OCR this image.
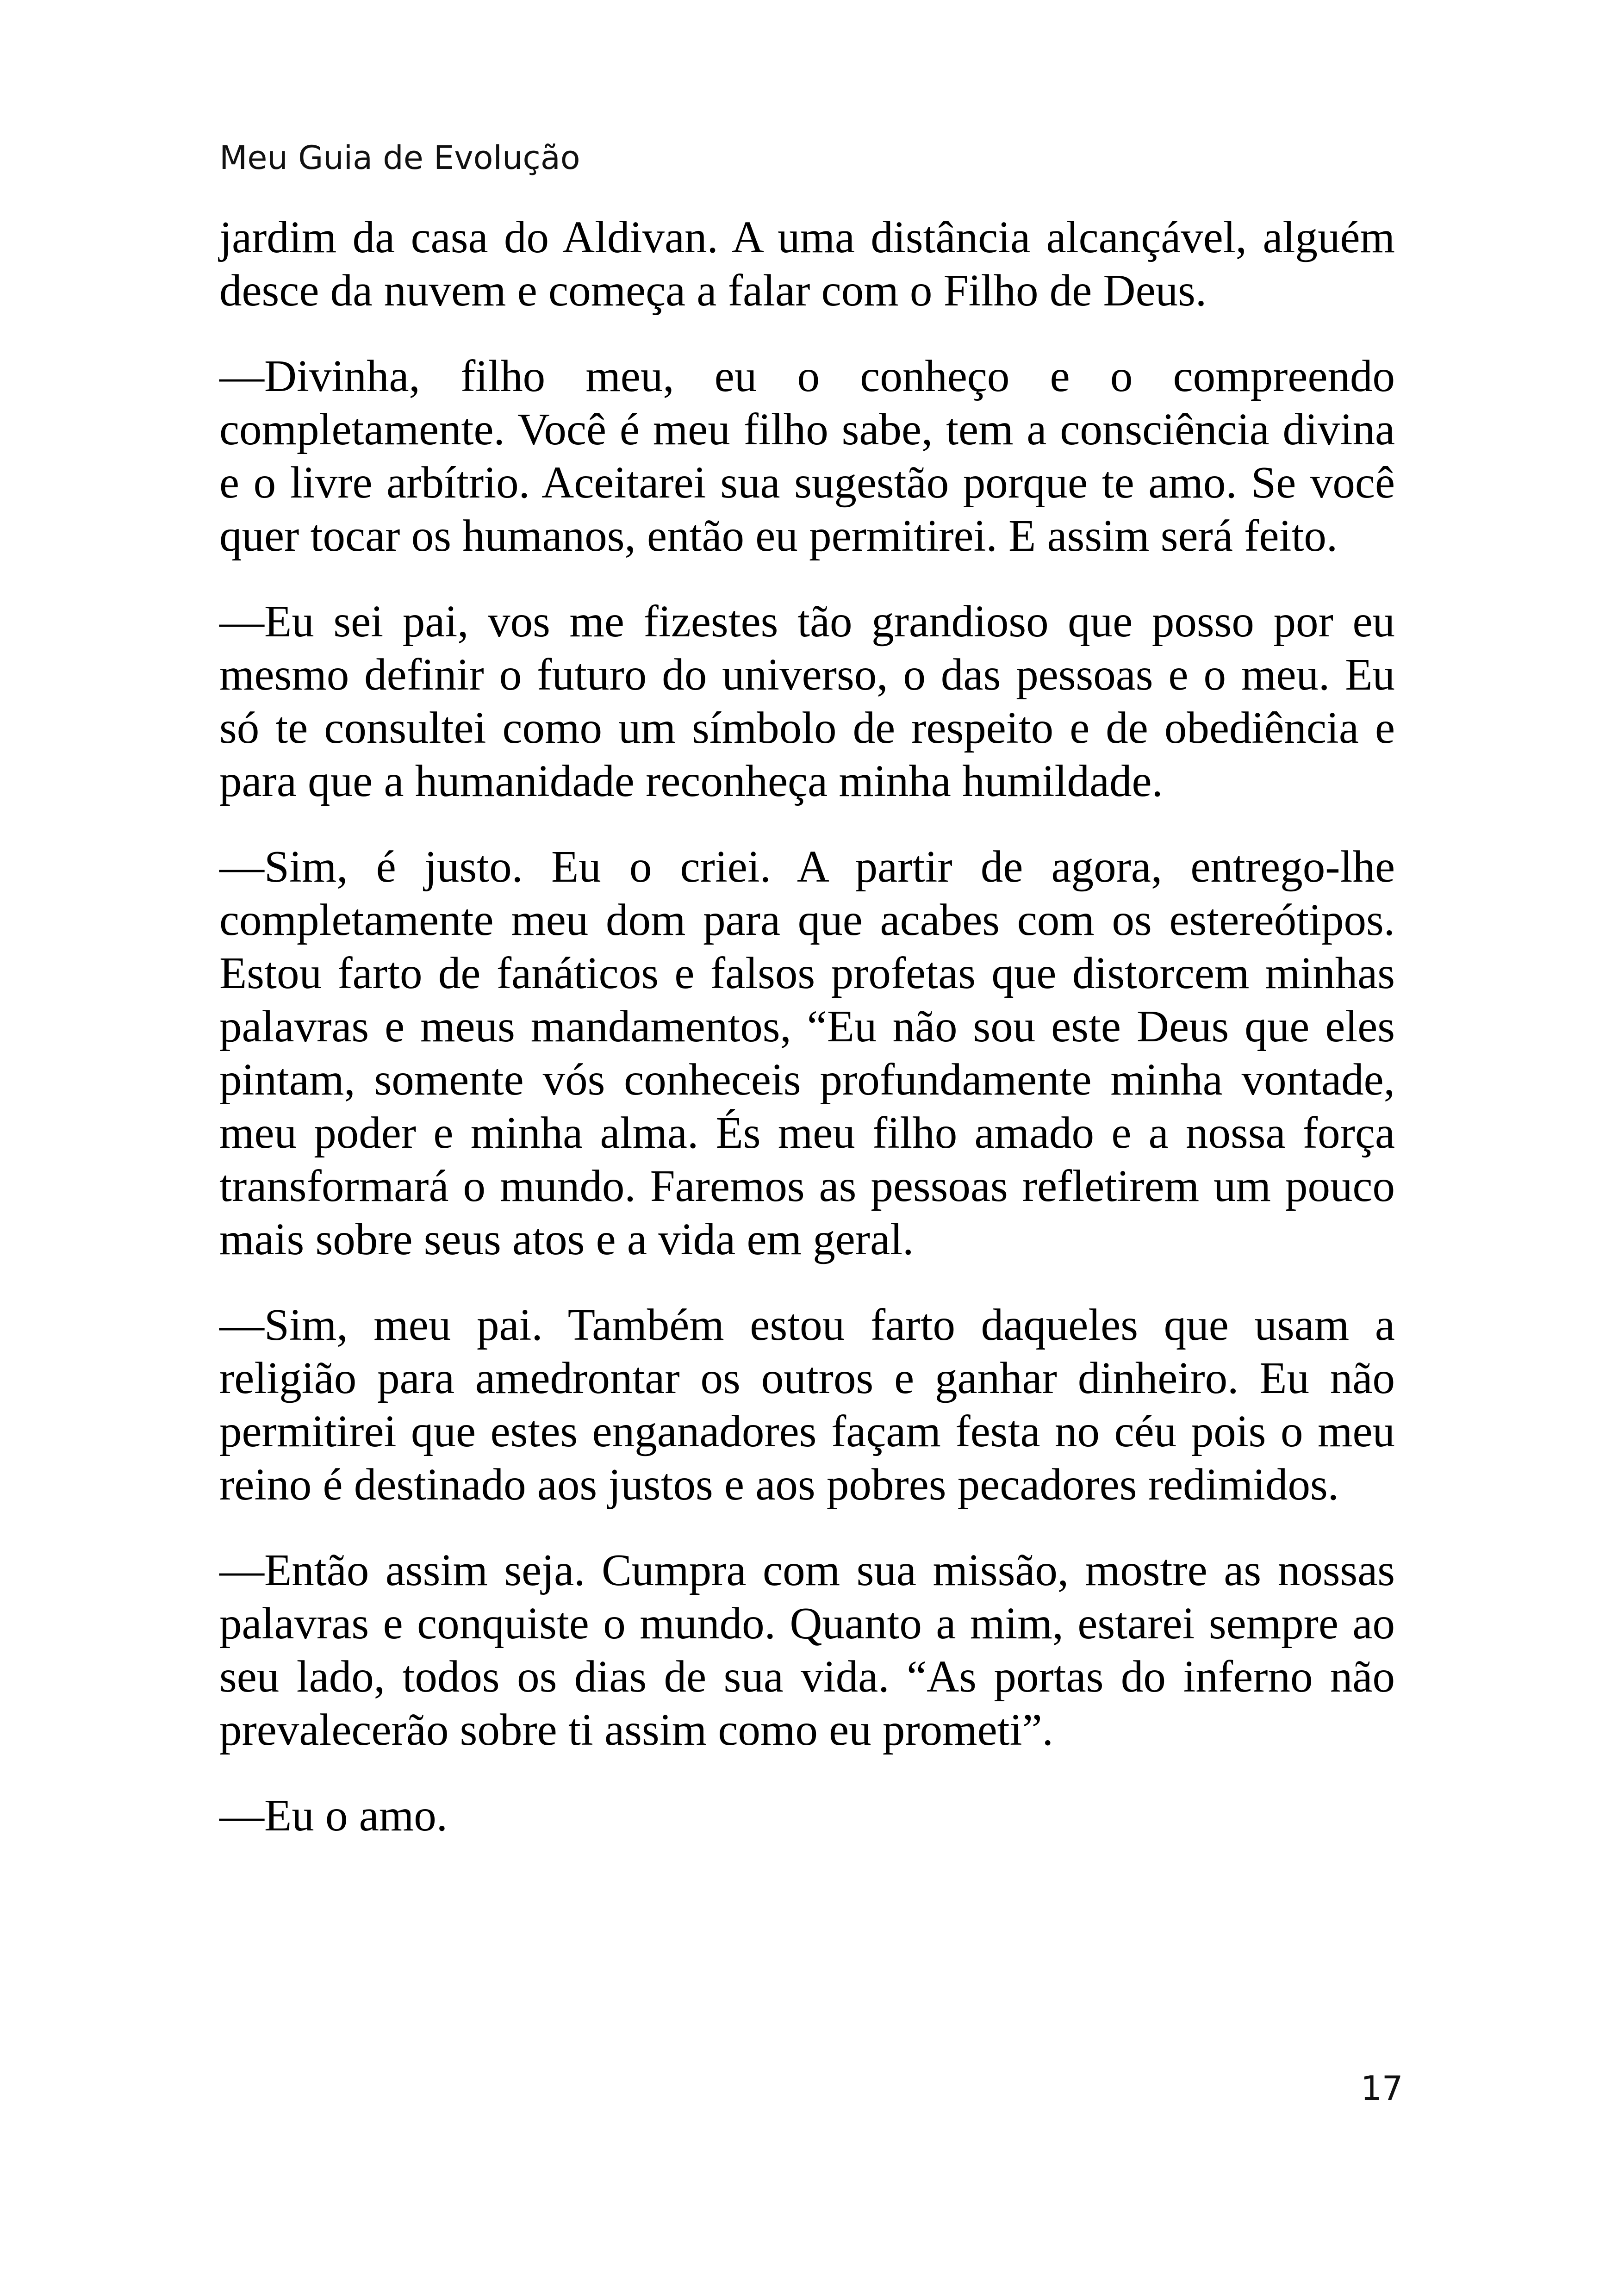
Meu Guia de Evolução

jardim da casa do Aldivan. A uma distância alcançável, alguém desce da nuvem e começa a falar com o Filho de Deus.

—Divinha, filho meu, eu o conheço e o compreendo completamente. Você é meu filho sabe, tem a consciência divina e o livre arbítrio. Aceitarei sua sugestão porque te amo. Se você quer tocar os humanos, então eu permitirei. E assim será feito.

—Eu sei pai, vos me fizestes tão grandioso que posso por eu mesmo definir o futuro do universo, o das pessoas e o meu. Eu só te consultei como um símbolo de respeito e de obediência e para que a humanidade reconheça minha humildade.

—Sim, é justo. Eu o criei. A partir de agora, entrego-lhe completamente meu dom para que acabes com os estereótipos. Estou farto de fanáticos e falsos profetas que distorcem minhas palavras e meus mandamentos, “Eu não sou este Deus que eles pintam, somente vós conheceis profundamente minha vontade, meu poder e minha alma. És meu filho amado e a nossa força transformará o mundo. Faremos as pessoas refletirem um pouco mais sobre seus atos e a vida em geral.

—Sim, meu pai. Também estou farto daqueles que usam a religião para amedrontar os outros e ganhar dinheiro. Eu não permitirei que estes enganadores façam festa no céu pois o meu reino é destinado aos justos e aos pobres pecadores redimidos.

—Então assim seja. Cumpra com sua missão, mostre as nossas palavras e conquiste o mundo. Quanto a mim, estarei sempre ao seu lado, todos os dias de sua vida. “As portas do inferno não prevalecerão sobre ti assim como eu prometi”.

—Eu o amo.

17
